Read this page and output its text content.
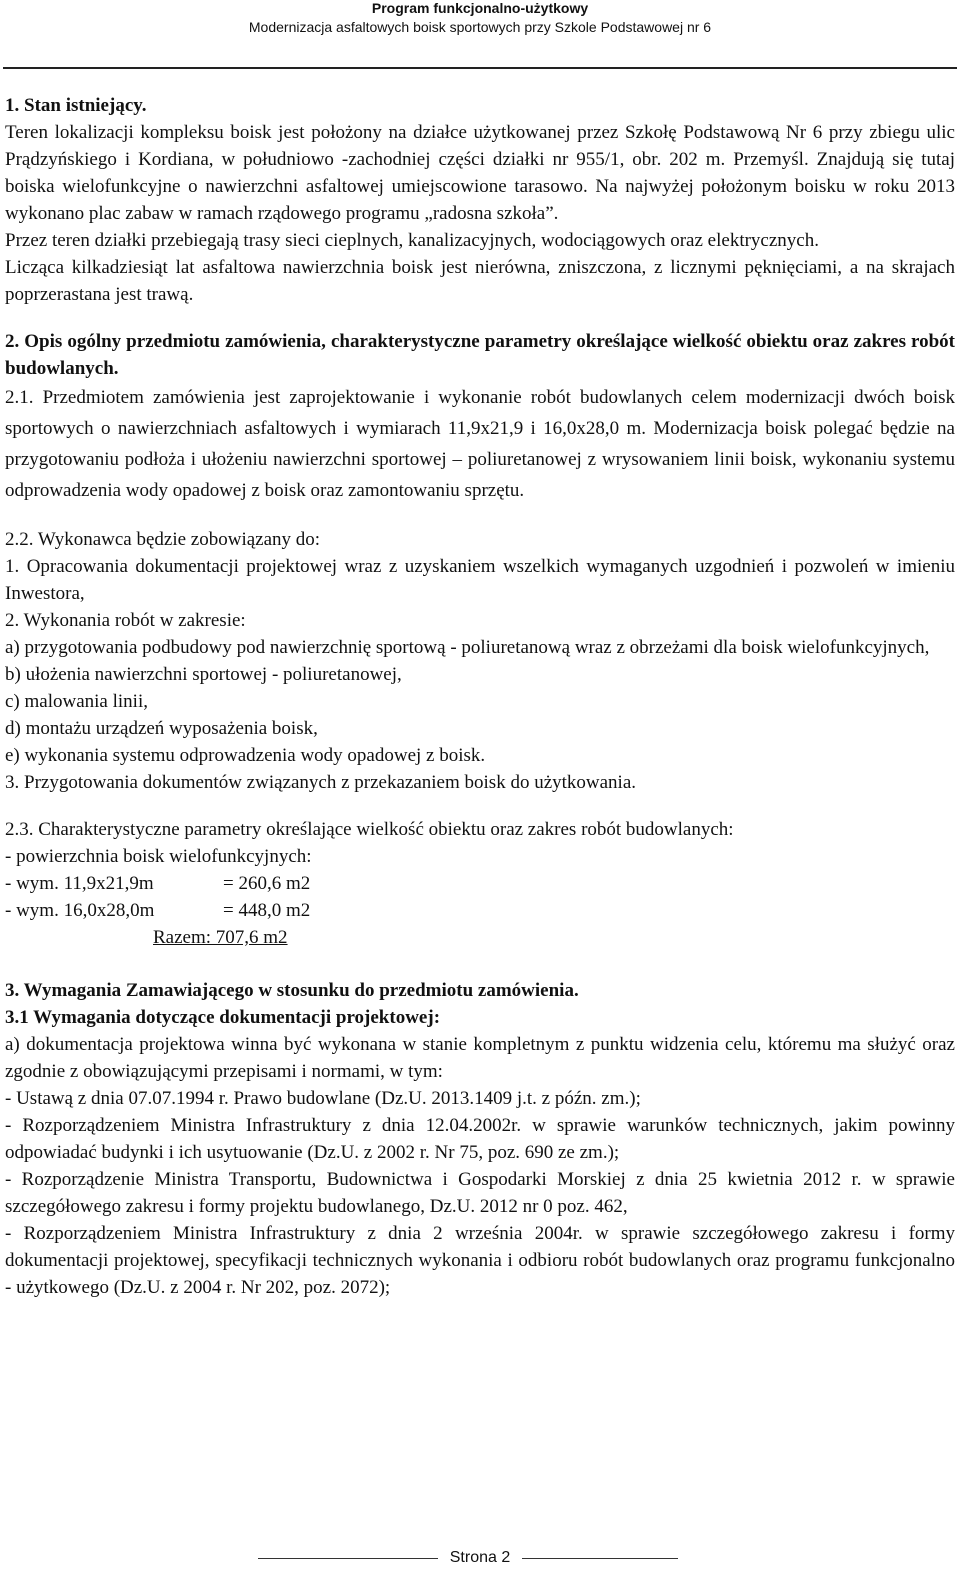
Program funkcjonalno-użytkowy
Modernizacja asfaltowych boisk sportowych przy Szkole Podstawowej nr 6

1. Stan istniejący.

Teren lokalizacji kompleksu boisk jest położony na działce użytkowanej przez Szkołę Podstawową Nr 6 przy zbiegu ulic Prądzyńskiego i Kordiana, w południowo -zachodniej części działki nr 955/1, obr. 202 m. Przemyśl. Znajdują się tutaj boiska wielofunkcyjne o nawierzchni asfaltowej umiejscowione tarasowo. Na najwyżej położonym boisku w roku 2013 wykonano plac zabaw w ramach rządowego programu „radosna szkoła”.

Przez teren działki przebiegają trasy sieci cieplnych, kanalizacyjnych, wodociągowych oraz elektrycznych.

Licząca kilkadziesiąt lat asfaltowa nawierzchnia boisk jest nierówna, zniszczona, z licznymi pęknięciami, a na skrajach poprzerastana jest trawą.

2. Opis ogólny przedmiotu zamówienia, charakterystyczne parametry określające wielkość obiektu oraz zakres robót budowlanych.

2.1. Przedmiotem zamówienia jest zaprojektowanie i wykonanie robót budowlanych celem modernizacji dwóch boisk sportowych o nawierzchniach asfaltowych i wymiarach 11,9x21,9 i 16,0x28,0 m. Modernizacja boisk polegać będzie na przygotowaniu podłoża i ułożeniu nawierzchni sportowej – poliuretanowej z wrysowaniem linii boisk, wykonaniu systemu odprowadzenia wody opadowej z boisk oraz zamontowaniu sprzętu.

2.2. Wykonawca będzie zobowiązany do:

1. Opracowania dokumentacji projektowej wraz z uzyskaniem wszelkich wymaganych uzgodnień i pozwoleń w imieniu Inwestora,

2. Wykonania robót w zakresie:

a) przygotowania podbudowy pod nawierzchnię sportową - poliuretanową wraz z obrzeżami dla boisk wielofunkcyjnych,

b) ułożenia nawierzchni sportowej - poliuretanowej,

c) malowania linii,

d) montażu urządzeń wyposażenia boisk,

e) wykonania systemu odprowadzenia wody opadowej z boisk.

3. Przygotowania dokumentów związanych z przekazaniem boisk do użytkowania.

2.3. Charakterystyczne parametry określające wielkość obiektu oraz zakres robót budowlanych:

- powierzchnia boisk wielofunkcyjnych:

- wym. 11,9x21,9m	= 260,6 m2
- wym. 16,0x28,0m	= 448,0 m2

Razem: 707,6 m2

3. Wymagania Zamawiającego w stosunku do przedmiotu zamówienia.

3.1 Wymagania dotyczące dokumentacji projektowej:

a) dokumentacja projektowa winna być wykonana w stanie kompletnym z punktu widzenia celu, któremu ma służyć oraz zgodnie z obowiązującymi przepisami i normami, w tym:

- Ustawą z dnia 07.07.1994 r. Prawo budowlane (Dz.U. 2013.1409 j.t. z późn. zm.);

- Rozporządzeniem Ministra Infrastruktury z dnia 12.04.2002r. w sprawie warunków technicznych, jakim powinny odpowiadać budynki i ich usytuowanie (Dz.U. z 2002 r. Nr 75, poz. 690 ze zm.);

- Rozporządzenie Ministra Transportu, Budownictwa i Gospodarki Morskiej z dnia 25 kwietnia 2012 r. w sprawie szczegółowego zakresu i formy projektu budowlanego, Dz.U. 2012 nr 0 poz. 462,

- Rozporządzeniem Ministra Infrastruktury z dnia 2 września 2004r. w sprawie szczegółowego zakresu i formy dokumentacji projektowej, specyfikacji technicznych wykonania i odbioru robót budowlanych oraz programu funkcjonalno - użytkowego (Dz.U. z 2004 r. Nr 202, poz. 2072);

Strona 2
